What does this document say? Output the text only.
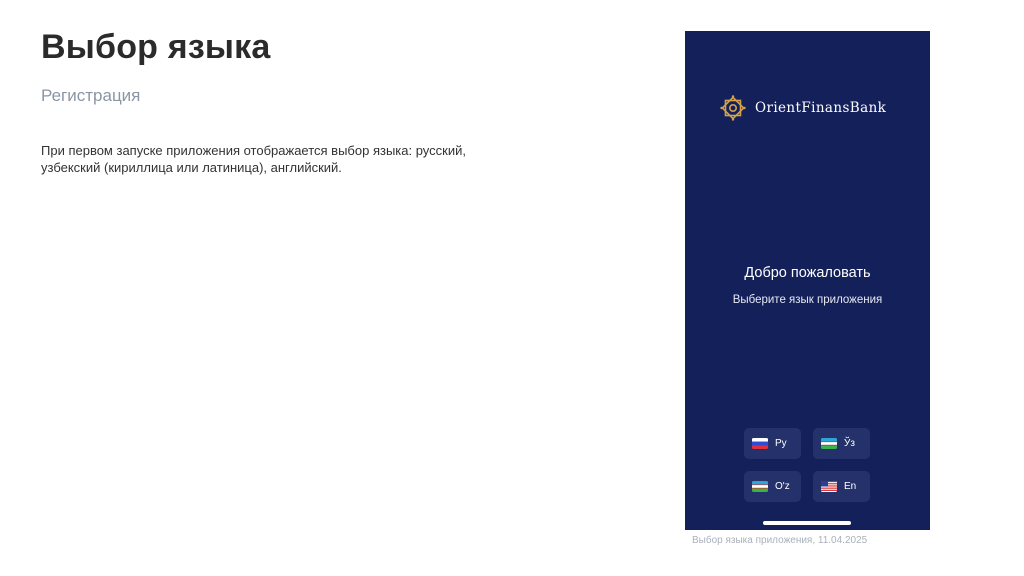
Выбор языка
Регистрация
При первом запуске приложения отображается выбор языка: русский, узбекский (кириллица или латиница), английский.
OrientFinansBank
Добро пожаловать
Выберите язык приложения
Ру	Ўз
O'z	En
Выбор языка приложения, 11.04.2025
